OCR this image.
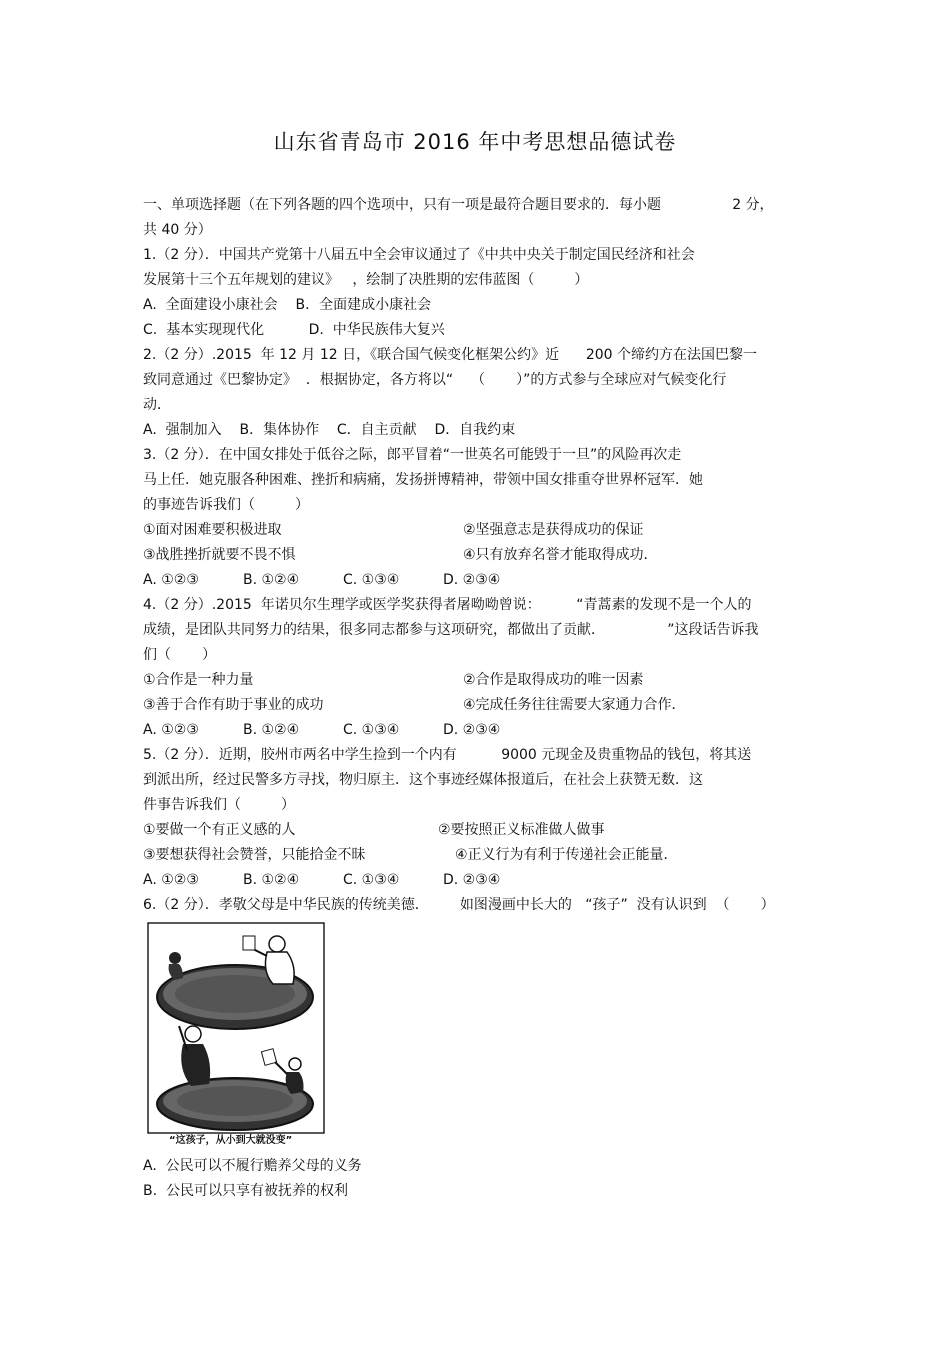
山东省青岛市 2016 年中考思想品德试卷
一、单项选择题（在下列各题的四个选项中，只有一项是最符合题目要求的．每小题                2 分，
共 40 分）
1.（2 分）．中国共产党第十八届五中全会审议通过了《中共中央关于制定国民经济和社会
发展第十三个五年规划的建议》   ，绘制了决胜期的宏伟蓝图（         ）
A.  全面建设小康社会    B．全面建成小康社会
C.  基本实现现代化          D.  中华民族伟大复兴
2.（2 分）.2015  年 12 月 12 日，《联合国气候变化框架公约》近      200 个缔约方在法国巴黎一
致同意通过《巴黎协定》  ．根据协定，各方将以“    （       ）”的方式参与全球应对气候变化行
动．
A.  强制加入    B．集体协作    C．自主贡献    D．自我约束
3.（2 分）．在中国女排处于低谷之际，郎平冒着“一世英名可能毁于一旦”的风险再次走
马上任．她克服各种困难、挫折和病痛，发扬拼博精神，带领中国女排重夺世界杯冠军．她
的事迹告诉我们（         ）
①面对困难要积极进取	②坚强意志是获得成功的保证
③战胜挫折就要不畏不惧	④只有放弃名誉才能取得成功．
A. ①②③	B. ①②④	C. ①③④	D. ②③④
4.（2 分）.2015  年诺贝尔生理学或医学奖获得者屠呦呦曾说：        “青蒿素的发现不是一个人的
成绩，是团队共同努力的结果，很多同志都参与这项研究，都做出了贡献．              ”这段话告诉我
们（       ）
①合作是一种力量	②合作是取得成功的唯一因素
③善于合作有助于事业的成功	④完成任务往往需要大家通力合作．
A. ①②③	B. ①②④	C. ①③④	D. ②③④
5.（2 分）．近期，胶州市两名中学生捡到一个内有          9000 元现金及贵重物品的钱包，将其送
到派出所，经过民警多方寻找，物归原主．这个事迹经媒体报道后，在社会上获赞无数．这
件事告诉我们（         ）
①要做一个有正义感的人	②要按照正义标准做人做事
③要想获得社会赞誉，只能拾金不昧	④正义行为有利于传递社会正能量．
A. ①②③	B. ①②④	C. ①③④	D. ②③④
6.（2 分）．孝敬父母是中华民族的传统美德．       如图漫画中长大的   “孩子”  没有认识到  （       ）
“这孩子，从小到大就没变”
A.  公民可以不履行赡养父母的义务
B.  公民可以只享有被抚养的权利
